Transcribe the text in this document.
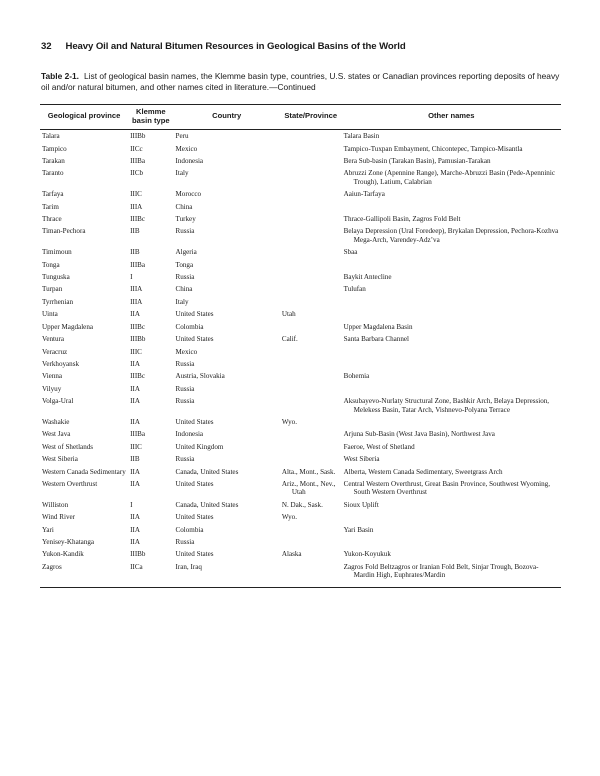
32 Heavy Oil and Natural Bitumen Resources in Geological Basins of the World
Table 2-1. List of geological basin names, the Klemme basin type, countries, U.S. states or Canadian provinces reporting deposits of heavy oil and/or natural bitumen, and other names cited in literature.—Continued
Geological province	Klemme
basin type	Country	State/Province	Other names
Talara	IIIBb	Peru		Talara Basin
Tampico	IICc	Mexico		Tampico-Tuxpan Embayment, Chicontepec, Tampico-Misantla
Tarakan	IIIBa	Indonesia		Bera Sub-basin (Tarakan Basin), Pamusian-Tarakan
Taranto	IICb	Italy		Abruzzi Zone (Apennine Range), Marche-Abruzzi Basin (Pede-Apenninic Trough), Latium, Calabrian
Tarfaya	IIIC	Morocco		Aaiun-Tarfaya
Tarim	IIIA	China		
Thrace	IIIBc	Turkey		Thrace-Gallipoli Basin, Zagros Fold Belt
Timan-Pechora	IIB	Russia		Belaya Depression (Ural Foredeep), Brykalan Depression, Pechora-Kozhva Mega-Arch, Varendey-Adz’va
Timimoun	IIB	Algeria		Sbaa
Tonga	IIIBa	Tonga		
Tunguska	I	Russia		Baykit Antecline
Turpan	IIIA	China		Tulufan
Tyrrhenian	IIIA	Italy		
Uinta	IIA	United States	Utah	
Upper Magdalena	IIIBc	Colombia		Upper Magdalena Basin
Ventura	IIIBb	United States	Calif.	Santa Barbara Channel
Veracruz	IIIC	Mexico		
Verkhoyansk	IIA	Russia		
Vienna	IIIBc	Austria, Slovakia		Bohemia
Vilyuy	IIA	Russia		
Volga-Ural	IIA	Russia		Aksubayevo-Nurlaty Structural Zone, Bashkir Arch, Belaya Depression, Melekess Basin, Tatar Arch, Vishnevo-Polyana Terrace
Washakie	IIA	United States	Wyo.	
West Java	IIIBa	Indonesia		Arjuna Sub-Basin (West Java Basin), Northwest Java
West of Shetlands	IIIC	United Kingdom		Faeroe, West of Shetland
West Siberia	IIB	Russia		West Siberia
Western Canada Sedimentary	IIA	Canada, United States	Alta., Mont., Sask.	Alberta, Western Canada Sedimentary, Sweetgrass Arch
Western Overthrust	IIA	United States	Ariz., Mont., Nev., Utah	Central Western Overthrust, Great Basin Province, Southwest Wyoming, South Western Overthrust
Williston	I	Canada, United States	N. Dak., Sask.	Sioux Uplift
Wind River	IIA	United States	Wyo.	
Yari	IIA	Colombia		Yari Basin
Yenisey-Khatanga	IIA	Russia		
Yukon-Kandik	IIIBb	United States	Alaska	Yukon-Koyukuk
Zagros	IICa	Iran, Iraq		Zagros Fold Beltzagros or Iranian Fold Belt, Sinjar Trough, Bozova-Mardin High, Euphrates/Mardin
